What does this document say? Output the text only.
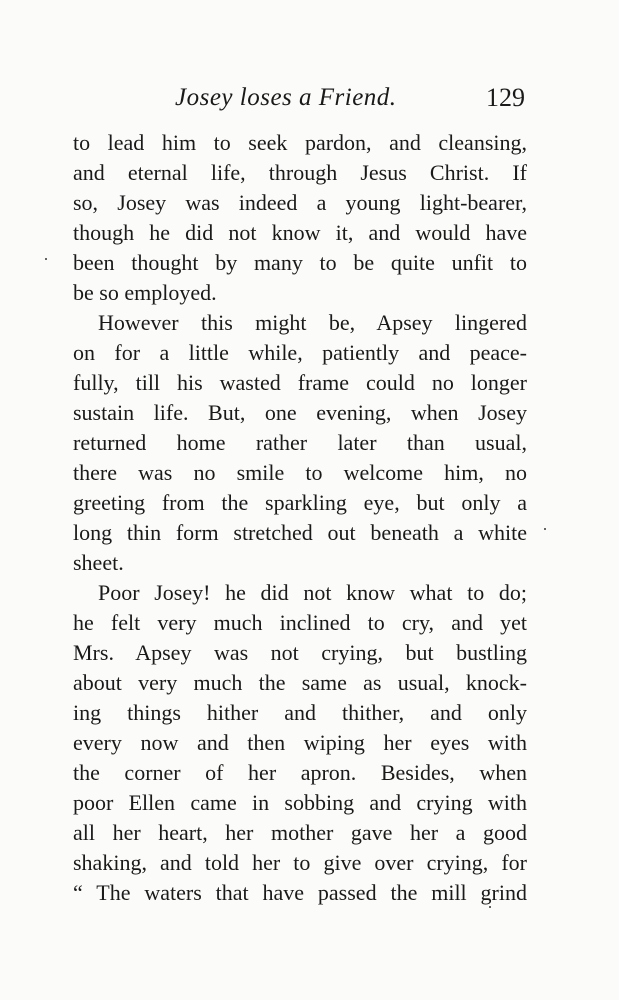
Josey loses a Friend.	129
to lead him to seek pardon, and cleansing,
and eternal life, through Jesus Christ. If
so, Josey was indeed a young light-bearer,
though he did not know it, and would have
been thought by many to be quite unfit to
be so employed.
However this might be, Apsey lingered
on for a little while, patiently and peace-
fully, till his wasted frame could no longer
sustain life. But, one evening, when Josey
returned home rather later than usual,
there was no smile to welcome him, no
greeting from the sparkling eye, but only a
long thin form stretched out beneath a white
sheet.
Poor Josey! he did not know what to do;
he felt very much inclined to cry, and yet
Mrs. Apsey was not crying, but bustling
about very much the same as usual, knock-
ing things hither and thither, and only
every now and then wiping her eyes with
the corner of her apron. Besides, when
poor Ellen came in sobbing and crying with
all her heart, her mother gave her a good
shaking, and told her to give over crying, for
“ The waters that have passed the mill grind
